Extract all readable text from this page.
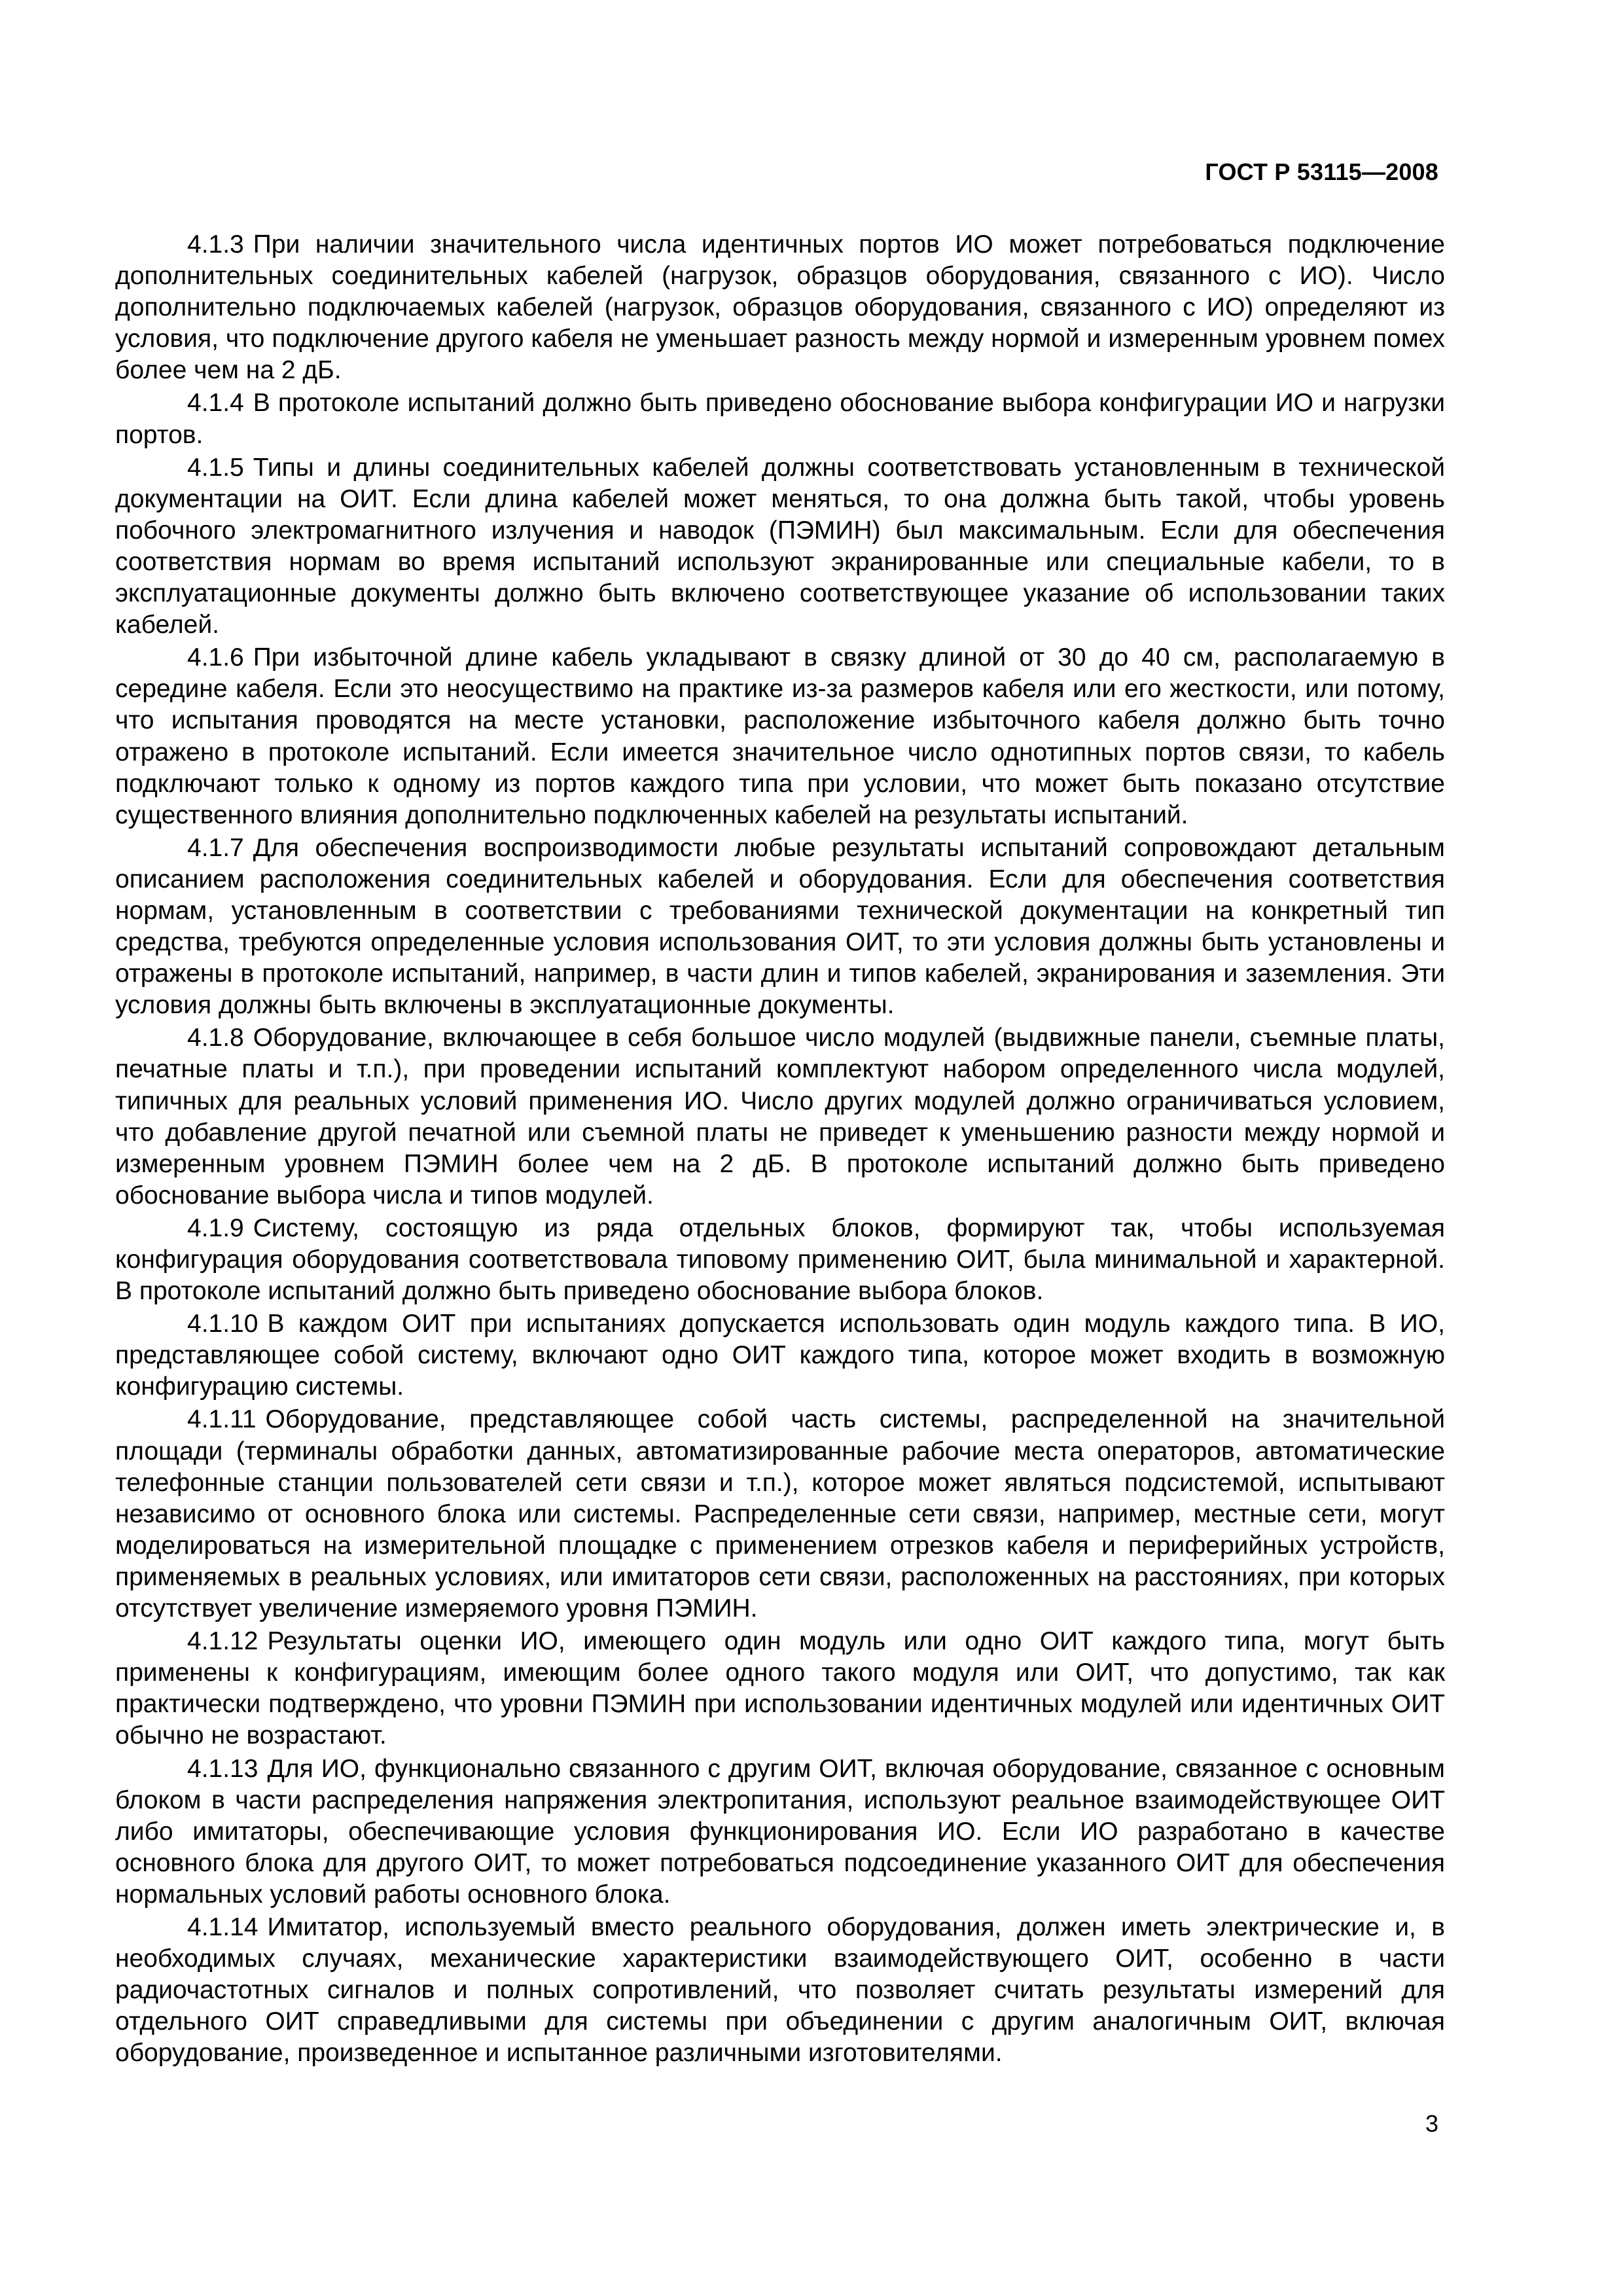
ГОСТ Р 53115—2008

4.1.3 При наличии значительного числа идентичных портов ИО может потребоваться подключение дополнительных соединительных кабелей (нагрузок, образцов оборудования, связанного с ИО). Число дополнительно подключаемых кабелей (нагрузок, образцов оборудования, связанного с ИО) определяют из условия, что подключение другого кабеля не уменьшает разность между нормой и измеренным уровнем помех более чем на 2 дБ.

4.1.4 В протоколе испытаний должно быть приведено обоснование выбора конфигурации ИО и нагрузки портов.

4.1.5 Типы и длины соединительных кабелей должны соответствовать установленным в технической документации на ОИТ. Если длина кабелей может меняться, то она должна быть такой, чтобы уровень побочного электромагнитного излучения и наводок (ПЭМИН) был максимальным. Если для обеспечения соответствия нормам во время испытаний используют экранированные или специальные кабели, то в эксплуатационные документы должно быть включено соответствующее указание об использовании таких кабелей.

4.1.6 При избыточной длине кабель укладывают в связку длиной от 30 до 40 см, располагаемую в середине кабеля. Если это неосуществимо на практике из-за размеров кабеля или его жесткости, или потому, что испытания проводятся на месте установки, расположение избыточного кабеля должно быть точно отражено в протоколе испытаний. Если имеется значительное число однотипных портов связи, то кабель подключают только к одному из портов каждого типа при условии, что может быть показано отсутствие существенного влияния дополнительно подключенных кабелей на результаты испытаний.

4.1.7 Для обеспечения воспроизводимости любые результаты испытаний сопровождают детальным описанием расположения соединительных кабелей и оборудования. Если для обеспечения соответствия нормам, установленным в соответствии с требованиями технической документации на конкретный тип средства, требуются определенные условия использования ОИТ, то эти условия должны быть установлены и отражены в протоколе испытаний, например, в части длин и типов кабелей, экранирования и заземления. Эти условия должны быть включены в эксплуатационные документы.

4.1.8 Оборудование, включающее в себя большое число модулей (выдвижные панели, съемные платы, печатные платы и т.п.), при проведении испытаний комплектуют набором определенного числа модулей, типичных для реальных условий применения ИО. Число других модулей должно ограничиваться условием, что добавление другой печатной или съемной платы не приведет к уменьшению разности между нормой и измеренным уровнем ПЭМИН более чем на 2 дБ. В протоколе испытаний должно быть приведено обоснование выбора числа и типов модулей.

4.1.9 Систему, состоящую из ряда отдельных блоков, формируют так, чтобы используемая конфигурация оборудования соответствовала типовому применению ОИТ, была минимальной и характерной. В протоколе испытаний должно быть приведено обоснование выбора блоков.

4.1.10 В каждом ОИТ при испытаниях допускается использовать один модуль каждого типа. В ИО, представляющее собой систему, включают одно ОИТ каждого типа, которое может входить в возможную конфигурацию системы.

4.1.11 Оборудование, представляющее собой часть системы, распределенной на значительной площади (терминалы обработки данных, автоматизированные рабочие места операторов, автоматические телефонные станции пользователей сети связи и т.п.), которое может являться подсистемой, испытывают независимо от основного блока или системы. Распределенные сети связи, например, местные сети, могут моделироваться на измерительной площадке с применением отрезков кабеля и периферийных устройств, применяемых в реальных условиях, или имитаторов сети связи, расположенных на расстояниях, при которых отсутствует увеличение измеряемого уровня ПЭМИН.

4.1.12 Результаты оценки ИО, имеющего один модуль или одно ОИТ каждого типа, могут быть применены к конфигурациям, имеющим более одного такого модуля или ОИТ, что допустимо, так как практически подтверждено, что уровни ПЭМИН при использовании идентичных модулей или идентичных ОИТ обычно не возрастают.

4.1.13 Для ИО, функционально связанного с другим ОИТ, включая оборудование, связанное с основным блоком в части распределения напряжения электропитания, используют реальное взаимодействующее ОИТ либо имитаторы, обеспечивающие условия функционирования ИО. Если ИО разработано в качестве основного блока для другого ОИТ, то может потребоваться подсоединение указанного ОИТ для обеспечения нормальных условий работы основного блока.

4.1.14 Имитатор, используемый вместо реального оборудования, должен иметь электрические и, в необходимых случаях, механические характеристики взаимодействующего ОИТ, особенно в части радиочастотных сигналов и полных сопротивлений, что позволяет считать результаты измерений для отдельного ОИТ справедливыми для системы при объединении с другим аналогичным ОИТ, включая оборудование, произведенное и испытанное различными изготовителями.

3
